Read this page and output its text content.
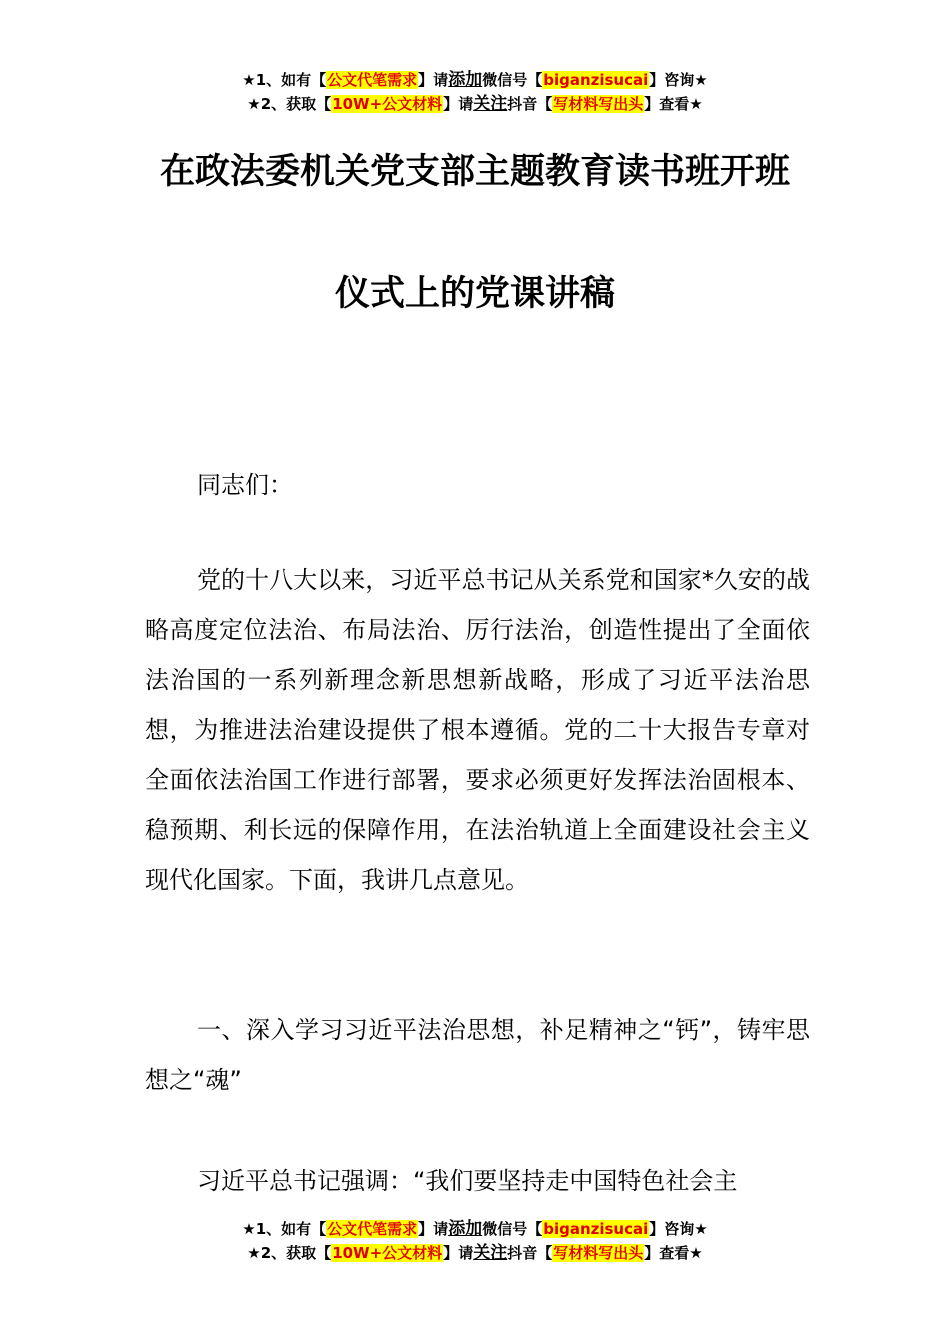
★1、如有【公文代笔需求】请添加微信号【biganzisucai】咨询★
★2、获取【10W+公文材料】请关注抖音【写材料写出头】查看★
在政法委机关党支部主题教育读书班开班
仪式上的党课讲稿
同志们：
党的十八大以来，习近平总书记从关系党和国家*久安的战略高度定位法治、布局法治、厉行法治，创造性提出了全面依法治国的一系列新理念新思想新战略，形成了习近平法治思想，为推进法治建设提供了根本遵循。党的二十大报告专章对全面依法治国工作进行部署，要求必须更好发挥法治固根本、稳预期、利长远的保障作用，在法治轨道上全面建设社会主义现代化国家。下面，我讲几点意见。
一、深入学习习近平法治思想，补足精神之“钙”，铸牢思想之“魂”
习近平总书记强调：“我们要坚持走中国特色社会主
★1、如有【公文代笔需求】请添加微信号【biganzisucai】咨询★
★2、获取【10W+公文材料】请关注抖音【写材料写出头】查看★
